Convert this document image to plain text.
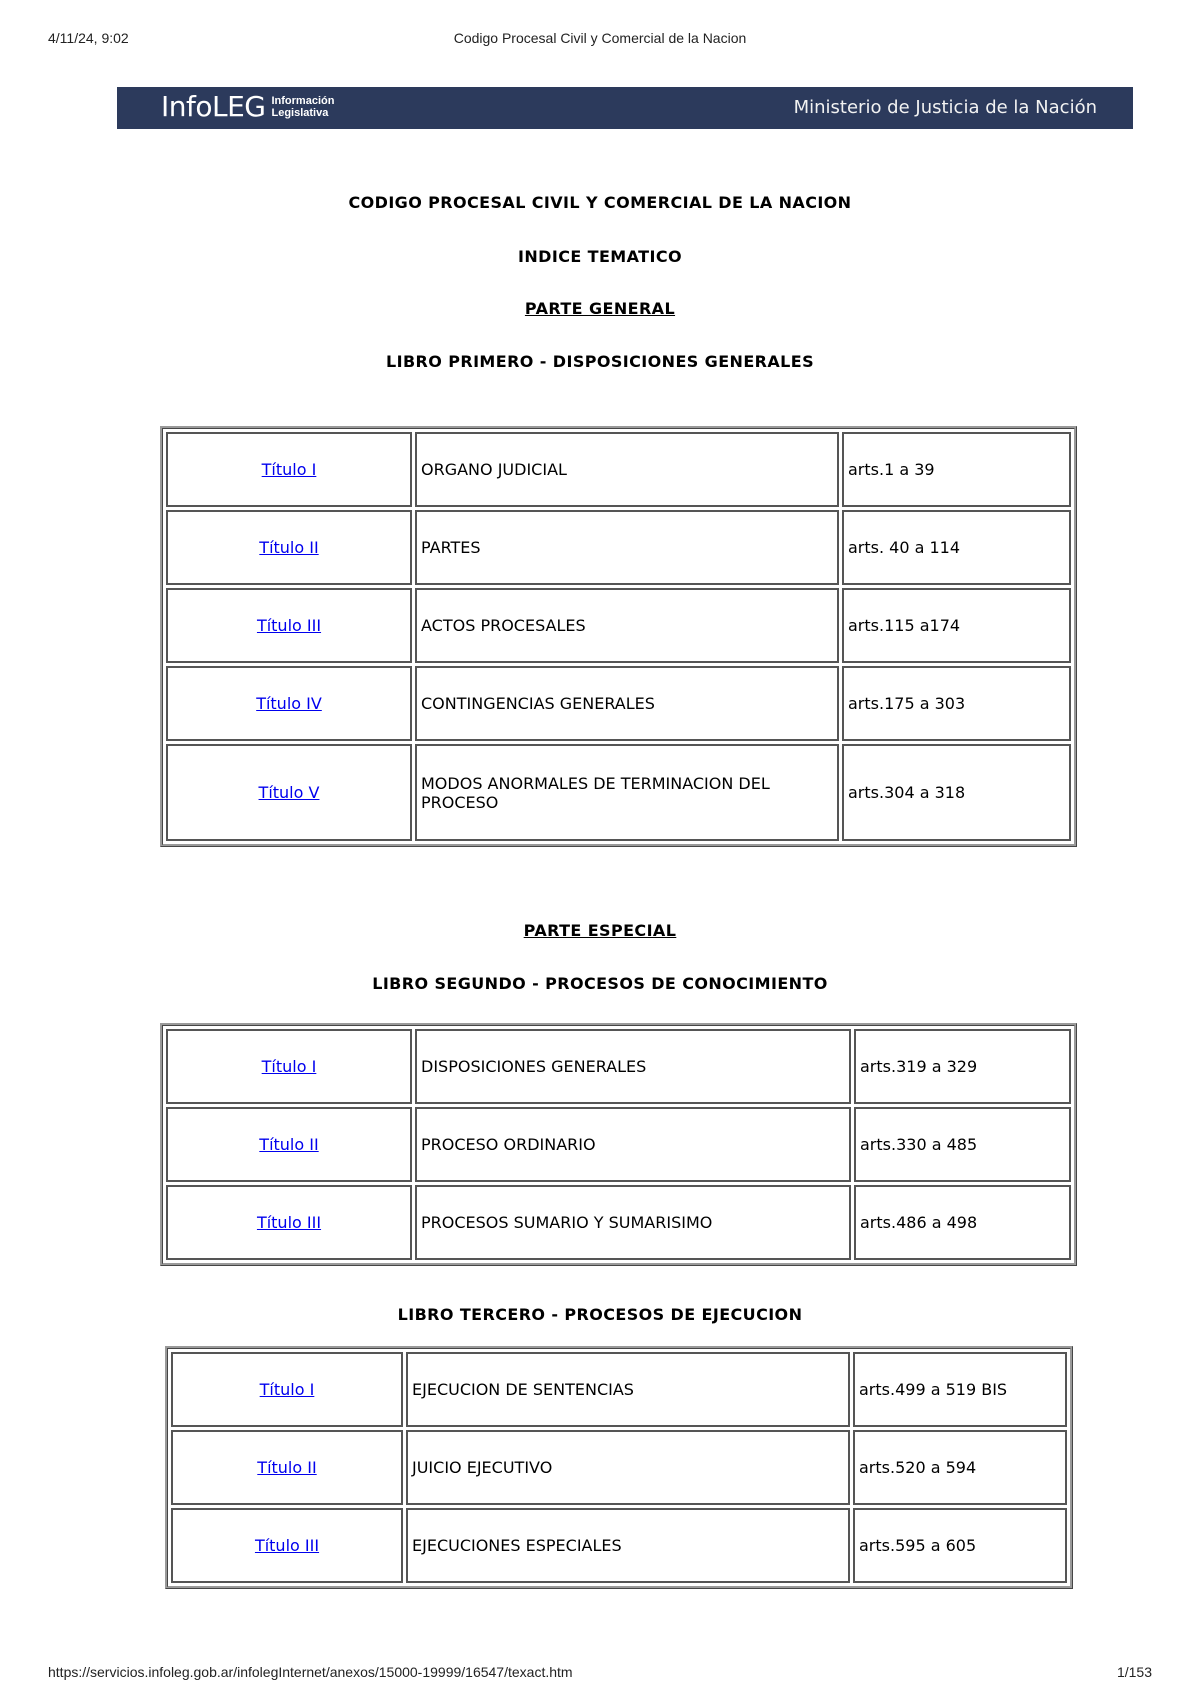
4/11/24, 9:02	Codigo Procesal Civil y Comercial de la Nacion
InfoLEG Información
Legislativa	Ministerio de Justicia de la Nación
CODIGO PROCESAL CIVIL Y COMERCIAL DE LA NACION
INDICE TEMATICO
PARTE GENERAL
LIBRO PRIMERO - DISPOSICIONES GENERALES
Título I	ORGANO JUDICIAL	arts.1 a 39
Título II	PARTES	arts. 40 a 114
Título III	ACTOS PROCESALES	arts.115 a174
Título IV	CONTINGENCIAS GENERALES	arts.175 a 303
Título V	MODOS ANORMALES DE TERMINACION DEL PROCESO	arts.304 a 318
PARTE ESPECIAL
LIBRO SEGUNDO - PROCESOS DE CONOCIMIENTO
Título I	DISPOSICIONES GENERALES	arts.319 a 329
Título II	PROCESO ORDINARIO	arts.330 a 485
Título III	PROCESOS SUMARIO Y SUMARISIMO	arts.486 a 498
LIBRO TERCERO - PROCESOS DE EJECUCION
Título I	EJECUCION DE SENTENCIAS	arts.499 a 519 BIS
Título II	JUICIO EJECUTIVO	arts.520 a 594
Título III	EJECUCIONES ESPECIALES	arts.595 a 605
https://servicios.infoleg.gob.ar/infolegInternet/anexos/15000-19999/16547/texact.htm	1/153
